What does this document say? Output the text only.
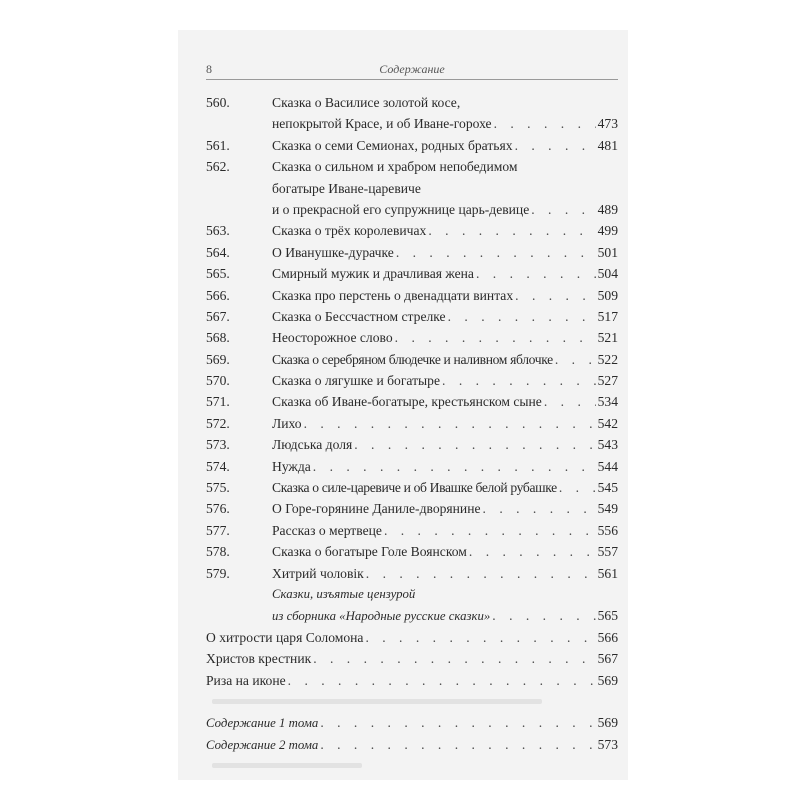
8	Содержание
560.	Сказка о Василисе золотой косе,
непокрытой Красе, и об Иване-горохе . . .	473
561.	Сказка о семи Семионах, родных братьях . . .	481
562.	Сказка о сильном и храбром непобедимом
богатыре Иване-царевиче
и о прекрасной его супружнице царь-девице . . .	489
563.	Сказка о трёх королевичах . . .	499
564.	О Иванушке-дурачке . . .	501
565.	Смирный мужик и драчливая жена . . .	504
566.	Сказка про перстень о двенадцати винтах . . .	509
567.	Сказка о Бессчастном стрелке . . .	517
568.	Неосторожное слово . . .	521
569.	Сказка о серебряном блюдечке и наливном яблочке . . .	522
570.	Сказка о лягушке и богатыре . . .	527
571.	Сказка об Иване-богатыре, крестьянском сыне . . .	534
572.	Лихо . . .	542
573.	Людська доля . . .	543
574.	Нужда . . .	544
575.	Сказка о силе-царевиче и об Ивашке белой рубашке . . .	545
576.	О Горе-горянине Даниле-дворянине . . .	549
577.	Рассказ о мертвеце . . .	556
578.	Сказка о богатыре Голе Воянском . . .	557
579.	Хитрий чоловік . . .	561
Сказки, изъятые цензурой
из сборника «Народные русские сказки» . . .	565
О хитрости царя Соломона . . .	566
Христов крестник . . .	567
Риза на иконе . . .	569
Содержание 1 тома . . .	569
Содержание 2 тома . . .	573
